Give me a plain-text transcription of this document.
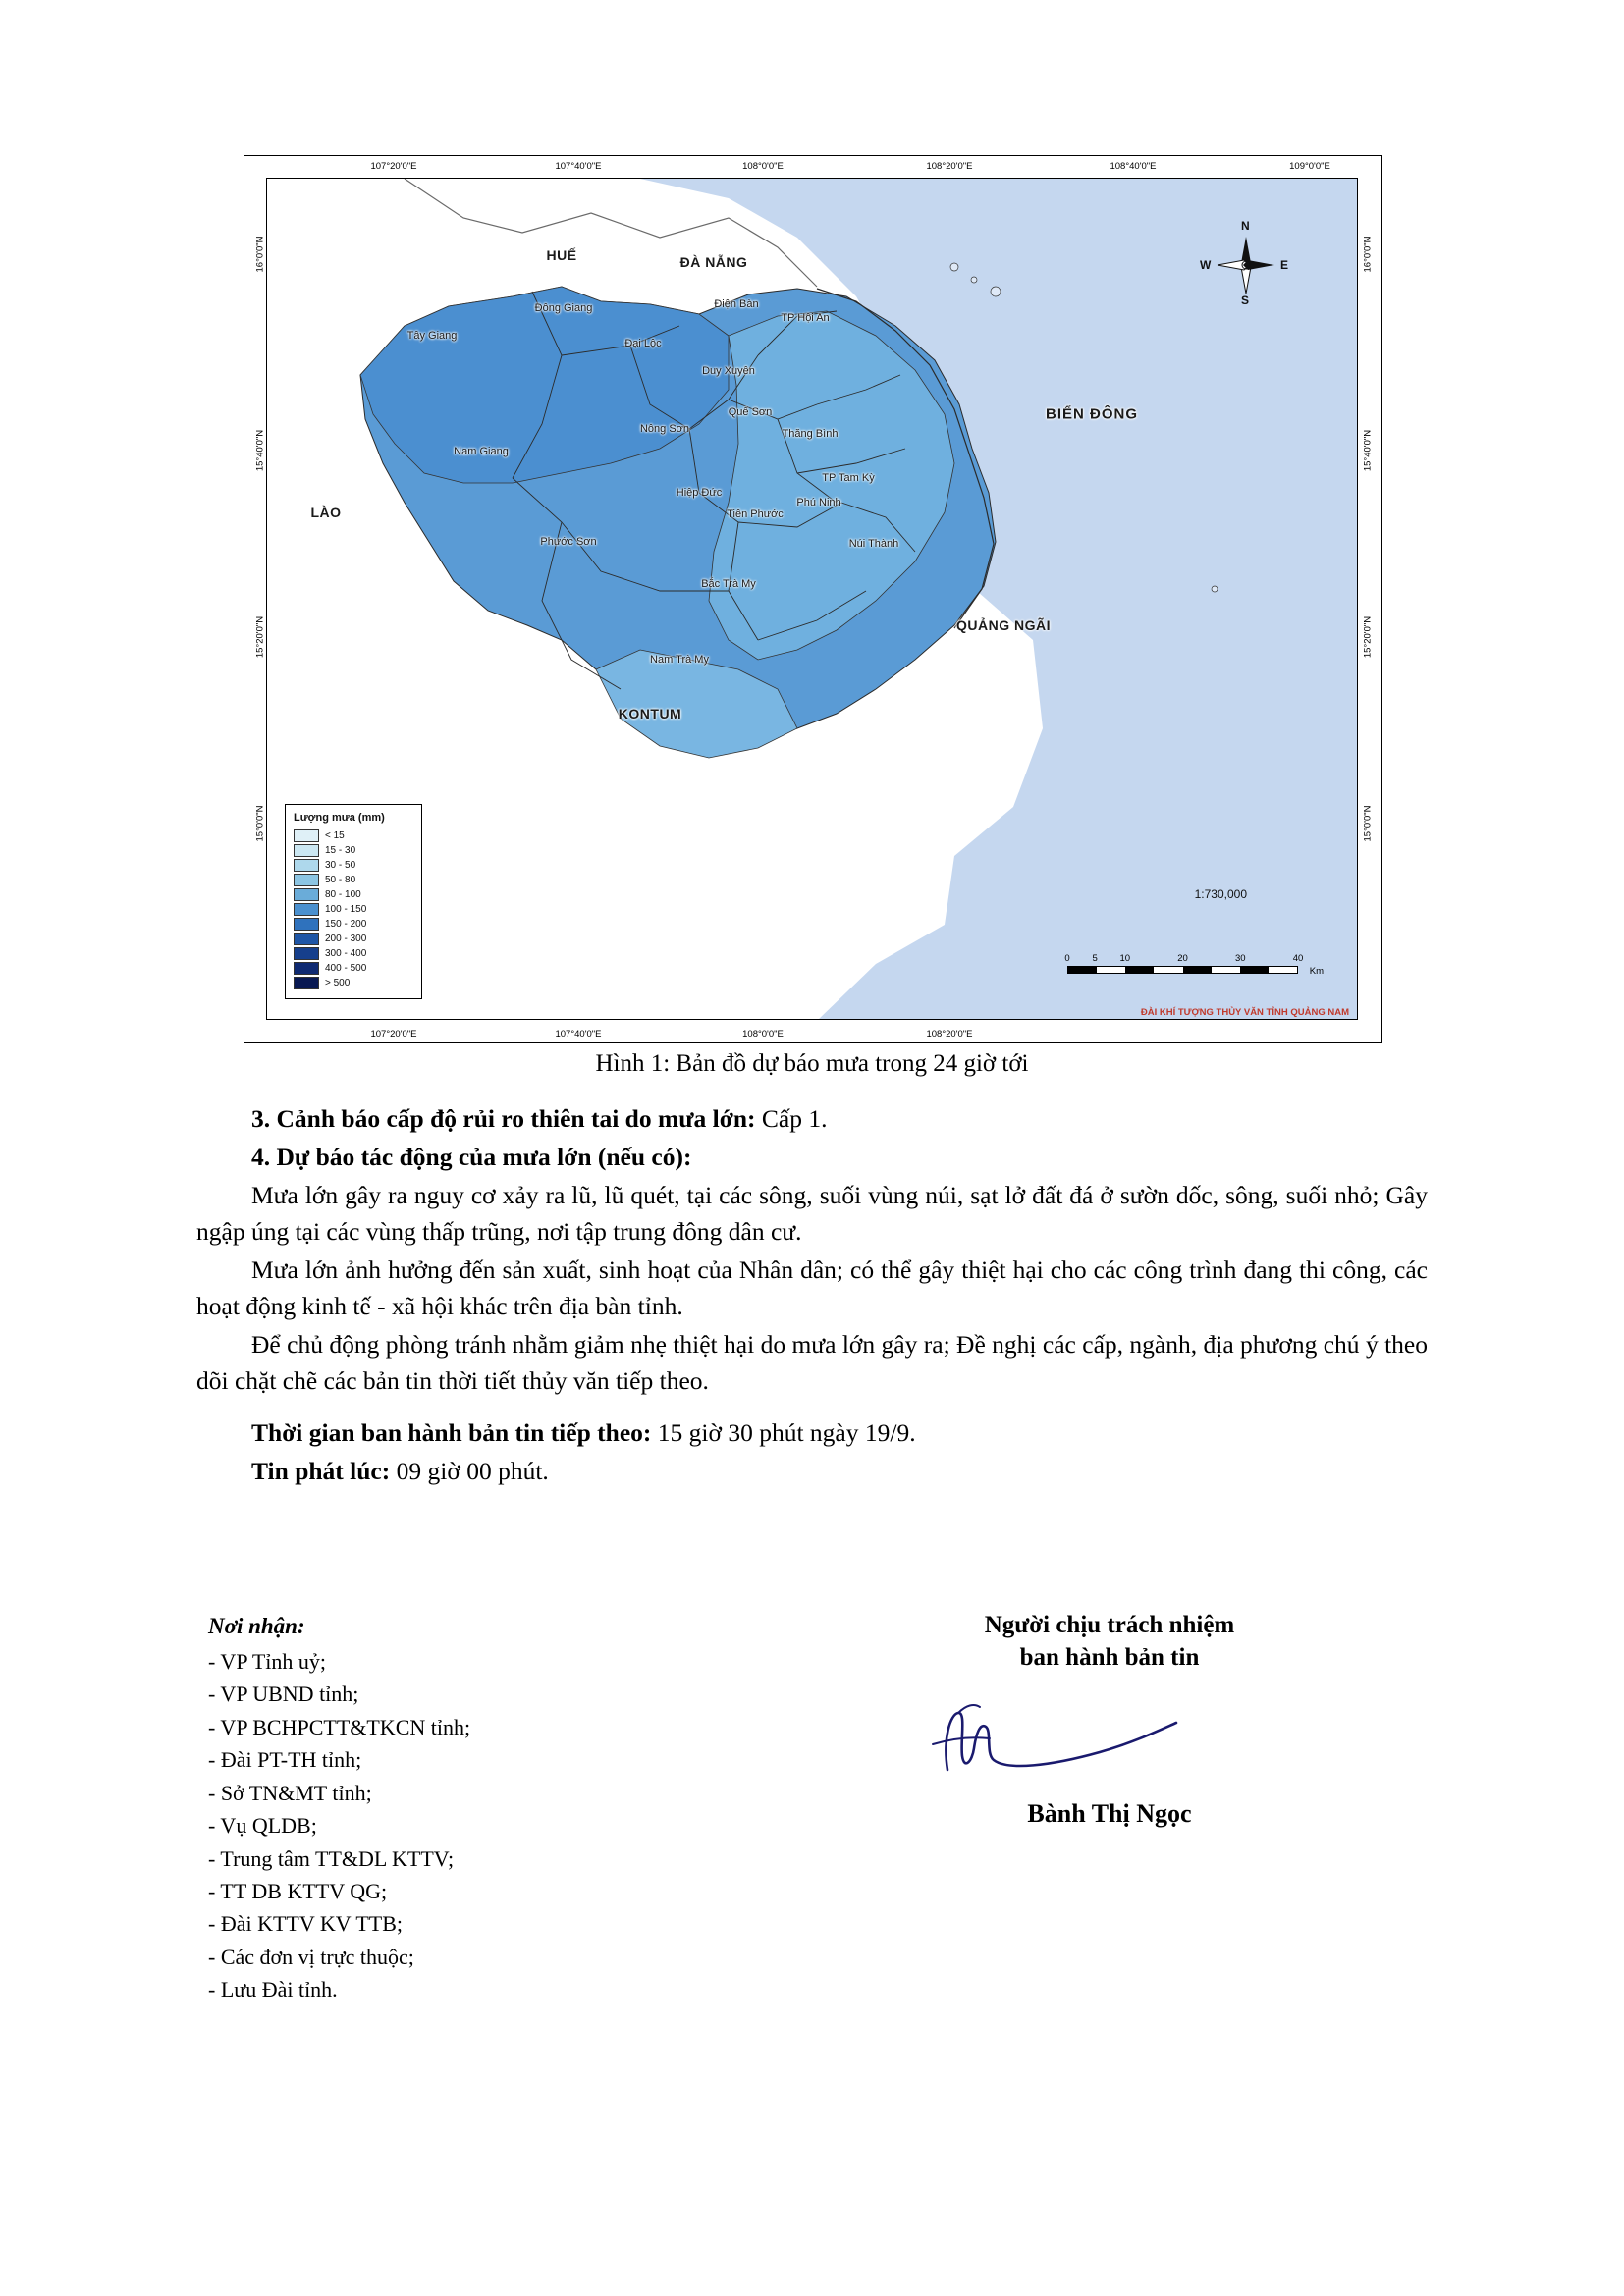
107°20'0"E	107°40'0"E	108°0'0"E	108°20'0"E	108°40'0"E	109°0'0"E
107°20'0"E	107°40'0"E	108°0'0"E	108°20'0"E
16°0'0"N
15°40'0"N
15°20'0"N
15°0'0"N
16°0'0"N
15°40'0"N
15°20'0"N
15°0'0"N
HUẾ	ĐÀ NẴNG
LÀO
KONTUM
QUẢNG NGÃI
BIỂN ĐÔNG
Tây Giang
Đông Giang
Đại Lộc
Điện Bàn
TP Hội An
Duy Xuyên
Quế Sơn
Thăng Bình
Nông Sơn
Nam Giang
TP Tam Kỳ
Hiệp Đức
Phú Ninh
Tiên Phước
Núi Thành
Phước Sơn
Bắc Trà My
Nam Trà My
N
E
S
W
Lượng mưa (mm)
< 15
15 - 30
30 - 50
50 - 80
80 - 100
100 - 150
150 - 200
200 - 300
300 - 400
400 - 500
> 500
1:730,000
0 5 10	20	30	40
Km
ĐÀI KHÍ TƯỢNG THỦY VĂN TỈNH QUẢNG NAM
Hình 1: Bản đồ dự báo mưa trong 24 giờ tới

3. Cảnh báo cấp độ rủi ro thiên tai do mưa lớn: Cấp 1.

4. Dự báo tác động của mưa lớn (nếu có):

Mưa lớn gây ra nguy cơ xảy ra lũ, lũ quét, tại các sông, suối vùng núi, sạt lở đất đá ở sườn dốc, sông, suối nhỏ; Gây ngập úng tại các vùng thấp trũng, nơi tập trung đông dân cư.

Mưa lớn ảnh hưởng đến sản xuất, sinh hoạt của Nhân dân; có thể gây thiệt hại cho các công trình đang thi công, các hoạt động kinh tế - xã hội khác trên địa bàn tỉnh.

Để chủ động phòng tránh nhằm giảm nhẹ thiệt hại do mưa lớn gây ra; Đề nghị các cấp, ngành, địa phương chú ý theo dõi chặt chẽ các bản tin thời tiết thủy văn tiếp theo.

Thời gian ban hành bản tin tiếp theo: 15 giờ 30 phút ngày 19/9.

Tin phát lúc: 09 giờ 00 phút.

Nơi nhận:
- VP Tỉnh uỷ;
- VP UBND tỉnh;
- VP BCHPCTT&TKCN tỉnh;
- Đài PT-TH tỉnh;
- Sở TN&MT tỉnh;
- Vụ QLDB;
- Trung tâm TT&DL KTTV;
- TT DB KTTV QG;
- Đài KTTV KV TTB;
- Các đơn vị trực thuộc;
- Lưu Đài tỉnh.
Người chịu trách nhiệm
ban hành bản tin
Bành Thị Ngọc
